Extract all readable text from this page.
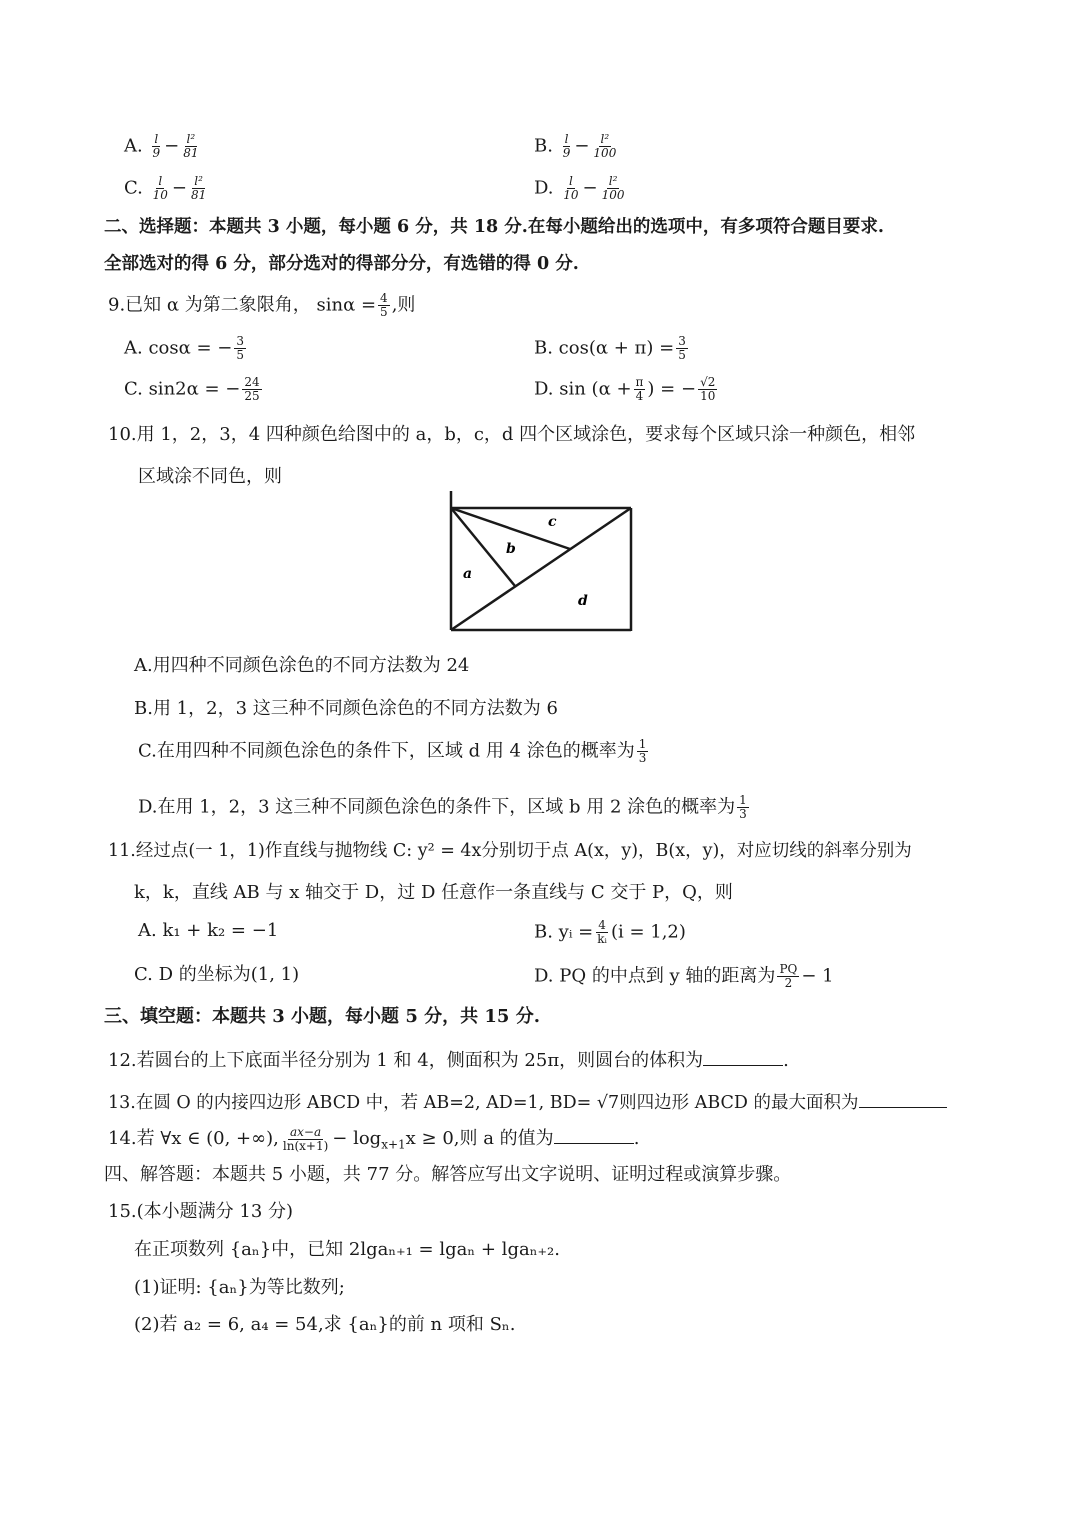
A. $\frac{l}{9} - \frac{\text{l²}}{81}$	B. $\frac{l}{9} - \frac{\text{l²}}{100}$
C. $\frac{l}{10} - \frac{\text{l²}}{81}$	D. $\frac{l}{10} - \frac{\text{l²}}{100}$
二、选择题：本题共 3 小题，每小题 6 分，共 18 分.在每小题给出的选项中，有多项符合题目要求.
全部选对的得 6 分，部分选对的得部分分，有选错的得 0 分.
9.已知 α 为第二象限角， $\sin\alpha = \frac{4}{5}$ ,则
A. cosα = − $\frac{3}{5}$	B. $\cos(\alpha + \pi) = \frac{3}{5}$
C. sin2α = − $\frac{24}{25}$	D. $\sin (\alpha + \frac{\pi}{4}$ ) = − $\frac{√2}{10}$
10.用 1，2，3，4 四种颜色给图中的 a，b，c，d 四个区域涂色，要求每个区域只涂一种颜色，相邻
区域涂不同色，则
c
b
a
d
A.用四种不同颜色涂色的不同方法数为 24
B.用 1，2，3 这三种不同颜色涂色的不同方法数为 6
C.在用四种不同颜色涂色的条件下，区域 d 用 4 涂色的概率为 $\frac{1}{3}$
D.在用 1，2，3 这三种不同颜色涂色的条件下，区域 b 用 2 涂色的概率为 $\frac{1}{3}$
11.经过点(一 1，1)作直线与抛物线 C: y² = 4x分别切于点 A(x，y)，B(x，y)，对应切线的斜率分别为
k，k，直线 AB 与 x 轴交于 D，过 D 任意作一条直线与 C 交于 P，Q，则
A. k₁ + k₂ = −1	B. yᵢ = $\frac{4}{\text{kᵢ}} (i = 1,2)$
C. D 的坐标为(1, 1)	D. PQ 的中点到 y 轴的距离为 $\frac{PQ}{2} - 1$
三、填空题：本题共 3 小题，每小题 5 分，共 15 分.
12.若圆台的上下底面半径分别为 1 和 4，侧面积为 25π，则圆台的体积为	.
13.在圆 O 的内接四边形 ABCD 中，若 AB=2, AD=1, BD= √7则四边形 ABCD 的最大面积为
14.若 ∀x ∈ (0, +∞), $\frac{ax-a}{\ln(x+1)} - \log_{x+1}x \ge 0$,则 a 的值为	.
四、解答题：本题共 5 小题，共 77 分。解答应写出文字说明、证明过程或演算步骤。
15.(本小题满分 13 分)
在正项数列 {aₙ}中，已知 2lgaₙ₊₁ = lgaₙ + lgaₙ₊₂.
(1)证明: {aₙ}为等比数列;
(2)若 a₂ = 6, a₄ = 54,求 {aₙ}的前 n 项和 Sₙ.
